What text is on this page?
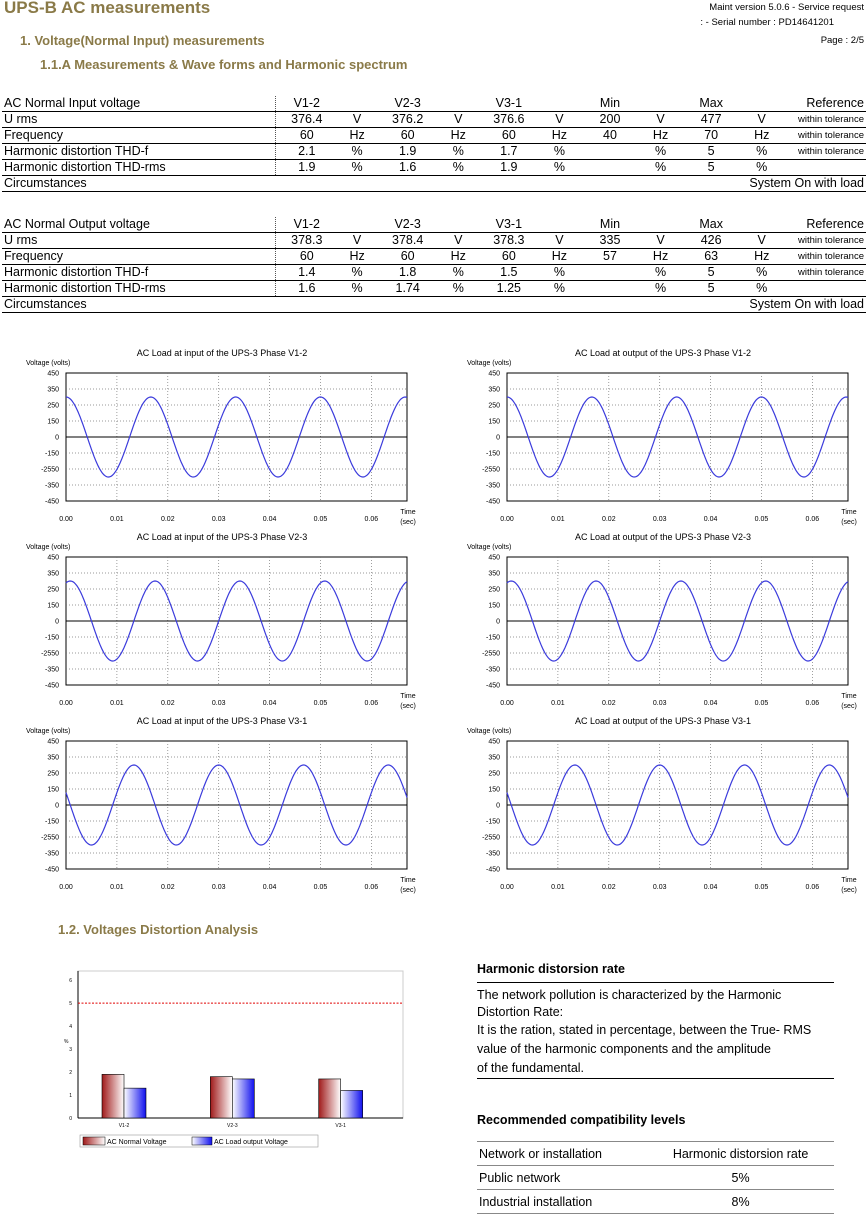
UPS-B AC measurements	Maint version 5.0.6 - Service request
: - Serial number : PD14641201
Page : 2/5
1. Voltage(Normal Input) measurements
1.1.A Measurements & Wave forms and Harmonic spectrum
AC Normal Input voltage	V1-2		V2-3		V3-1		Min		Max		Reference
U rms	376.4	V	376.2	V	376.6	V	200	V	477	V	within tolerance
Frequency	60	Hz	60	Hz	60	Hz	40	Hz	70	Hz	within tolerance
Harmonic distortion THD-f	2.1	%	1.9	%	1.7	%		%	5	%	within tolerance
Harmonic distortion THD-rms	1.9	%	1.6	%	1.9	%		%	5	%	
Circumstances	System On with load										
AC Normal Output voltage	V1-2		V2-3		V3-1		Min		Max		Reference
U rms	378.3	V	378.4	V	378.3	V	335	V	426	V	within tolerance
Frequency	60	Hz	60	Hz	60	Hz	57	Hz	63	Hz	within tolerance
Harmonic distortion THD-f	1.4	%	1.8	%	1.5	%		%	5	%	within tolerance
Harmonic distortion THD-rms	1.6	%	1.74	%	1.25	%		%	5	%	
Circumstances	System On with load										
AC Load at input of the UPS-3 Phase V1-2
Voltage (volts)
450
350
250
150
0
-150
-2550
-350
-450
0.00	0.01	0.02	0.03	0.04	0.05	0.06
Time
(sec)
AC Load at output of the UPS-3 Phase V1-2
Voltage (volts)
450
350
250
150
0
-150
-2550
-350
-450
0.00	0.01	0.02	0.03	0.04	0.05	0.06
Time
(sec)
AC Load at input of the UPS-3 Phase V2-3
Voltage (volts)
450
350
250
150
0
-150
-2550
-350
-450
0.00	0.01	0.02	0.03	0.04	0.05	0.06
Time
(sec)
AC Load at output of the UPS-3 Phase V2-3
Voltage (volts)
450
350
250
150
0
-150
-2550
-350
-450
0.00	0.01	0.02	0.03	0.04	0.05	0.06
Time
(sec)
AC Load at input of the UPS-3 Phase V3-1
Voltage (volts)
450
350
250
150
0
-150
-2550
-350
-450
0.00	0.01	0.02	0.03	0.04	0.05	0.06
Time
(sec)
AC Load at output of the UPS-3 Phase V3-1
Voltage (volts)
450
350
250
150
0
-150
-2550
-350
-450
0.00	0.01	0.02	0.03	0.04	0.05	0.06
Time
(sec)
1.2. Voltages Distortion Analysis
0
1
2
3
4
5
6
%
V1-2	V2-3	V3-1
AC Normal Voltage	AC Load output Voltage
Harmonic distorsion rate
The network pollution is characterized by the Harmonic
Distortion Rate:
It is the ration, stated in percentage, between the True- RMS
value of the harmonic components and the amplitude
of the fundamental.
Recommended compatibility levels
Network or installation	Harmonic distorsion rate
Public network	5%
Industrial installation	8%
